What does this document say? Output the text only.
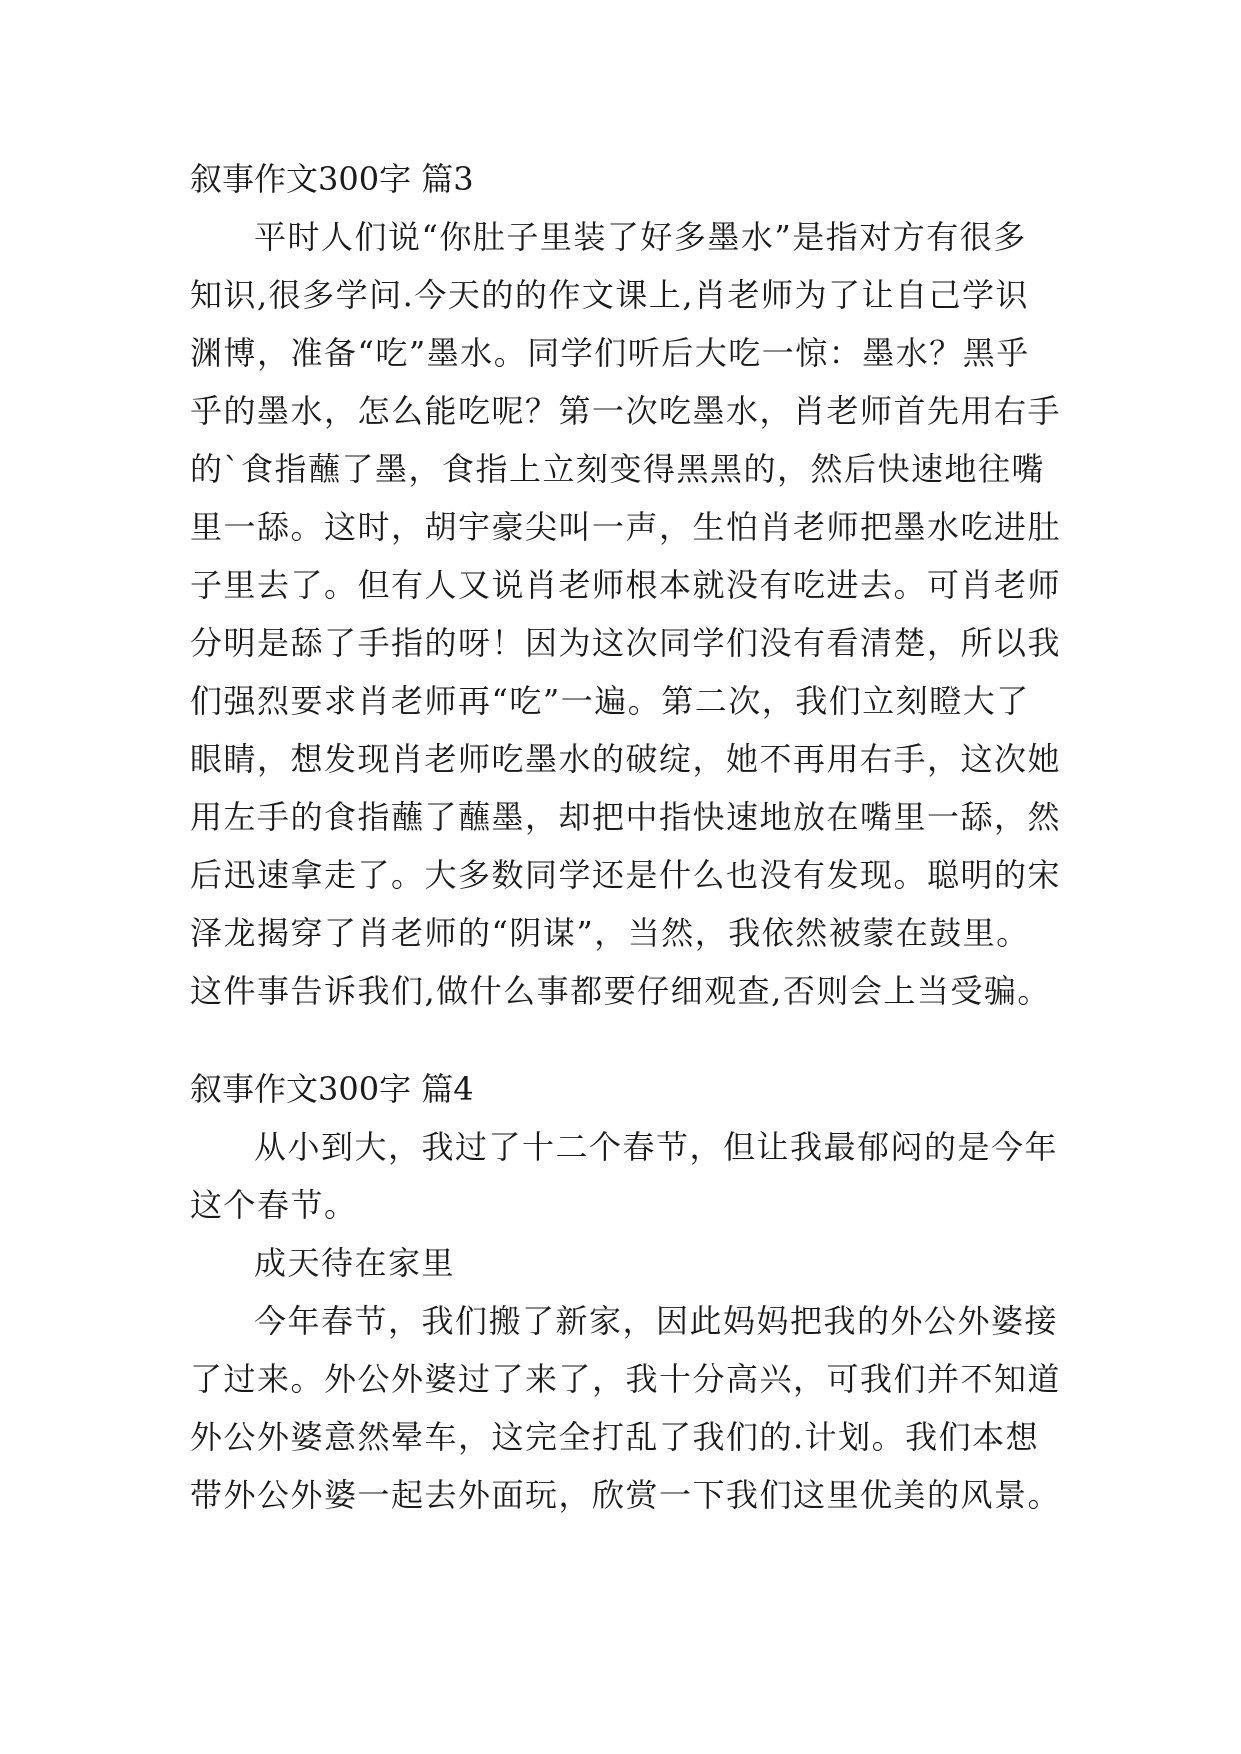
叙事作文300字 篇3
平时人们说“你肚子里装了好多墨水”是指对方有很多
知识,很多学问.今天的的作文课上,肖老师为了让自己学识
渊博，准备“吃”墨水。同学们听后大吃一惊：墨水？黑乎
乎的墨水，怎么能吃呢？第一次吃墨水，肖老师首先用右手
的`食指蘸了墨，食指上立刻变得黑黑的，然后快速地往嘴
里一舔。这时，胡宇豪尖叫一声，生怕肖老师把墨水吃进肚
子里去了。但有人又说肖老师根本就没有吃进去。可肖老师
分明是舔了手指的呀！因为这次同学们没有看清楚，所以我
们强烈要求肖老师再“吃”一遍。第二次，我们立刻瞪大了
眼睛，想发现肖老师吃墨水的破绽，她不再用右手，这次她
用左手的食指蘸了蘸墨，却把中指快速地放在嘴里一舔，然
后迅速拿走了。大多数同学还是什么也没有发现。聪明的宋
泽龙揭穿了肖老师的“阴谋”，当然，我依然被蒙在鼓里。
这件事告诉我们,做什么事都要仔细观查,否则会上当受骗。
叙事作文300字 篇4
从小到大，我过了十二个春节，但让我最郁闷的是今年
这个春节。
成天待在家里
今年春节，我们搬了新家，因此妈妈把我的外公外婆接
了过来。外公外婆过了来了，我十分高兴，可我们并不知道
外公外婆意然晕车，这完全打乱了我们的.计划。我们本想
带外公外婆一起去外面玩，欣赏一下我们这里优美的风景。
